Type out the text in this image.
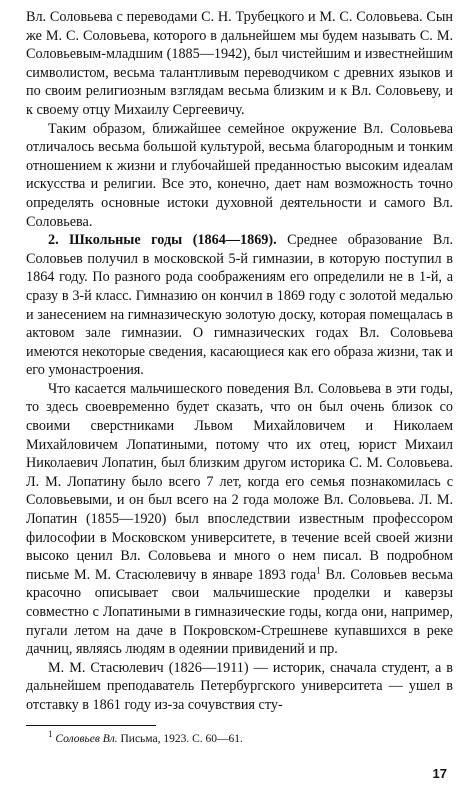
Вл. Соловьева с переводами С. Н. Трубецкого и М. С. Соловьева. Сын же М. С. Соловьева, которого в дальнейшем мы будем называть С. М. Соловьевым-младшим (1885—1942), был чистейшим и известнейшим символистом, весьма талантливым переводчиком с древних языков и по своим религиозным взглядам весьма близким и к Вл. Соловьеву, и к своему отцу Михаилу Сергеевичу.

Таким образом, ближайшее семейное окружение Вл. Соловьева отличалось весьма большой культурой, весьма благородным и тонким отношением к жизни и глубочайшей преданностью высоким идеалам искусства и религии. Все это, конечно, дает нам возможность точно определять основные истоки духовной деятельности и самого Вл. Соловьева.

2. Школьные годы (1864—1869). Среднее образование Вл. Соловьев получил в московской 5-й гимназии, в которую поступил в 1864 году. По разного рода соображениям его определили не в 1-й, а сразу в 3-й класс. Гимназию он кончил в 1869 году с золотой медалью и занесением на гимназическую золотую доску, которая помещалась в актовом зале гимназии. О гимназических годах Вл. Соловьева имеются некоторые сведения, касающиеся как его образа жизни, так и его умонастроения.

Что касается мальчишеского поведения Вл. Соловьева в эти годы, то здесь своевременно будет сказать, что он был очень близок со своими сверстниками Львом Михайловичем и Николаем Михайловичем Лопатиными, потому что их отец, юрист Михаил Николаевич Лопатин, был близким другом историка С. М. Соловьева. Л. М. Лопатину было всего 7 лет, когда его семья познакомилась с Соловьевыми, и он был всего на 2 года моложе Вл. Соловьева. Л. М. Лопатин (1855—1920) был впоследствии известным профессором философии в Московском университете, в течение всей своей жизни высоко ценил Вл. Соловьева и много о нем писал. В подробном письме М. М. Стасюлевичу в январе 1893 года$^1$ Вл. Соловьев весьма красочно описывает свои мальчишеские проделки и каверзы совместно с Лопатиными в гимназические годы, когда они, например, пугали летом на даче в Покровском-Стрешневе купавшихся в реке дачниц, являясь людям в одеянии привидений и пр.

М. М. Стасюлевич (1826—1911) — историк, сначала студент, а в дальнейшем преподаватель Петербургского университета — ушел в отставку в 1861 году из-за сочувствия сту-

$^1$ Соловьев Вл. Письма, 1923. С. 60—61.
17
